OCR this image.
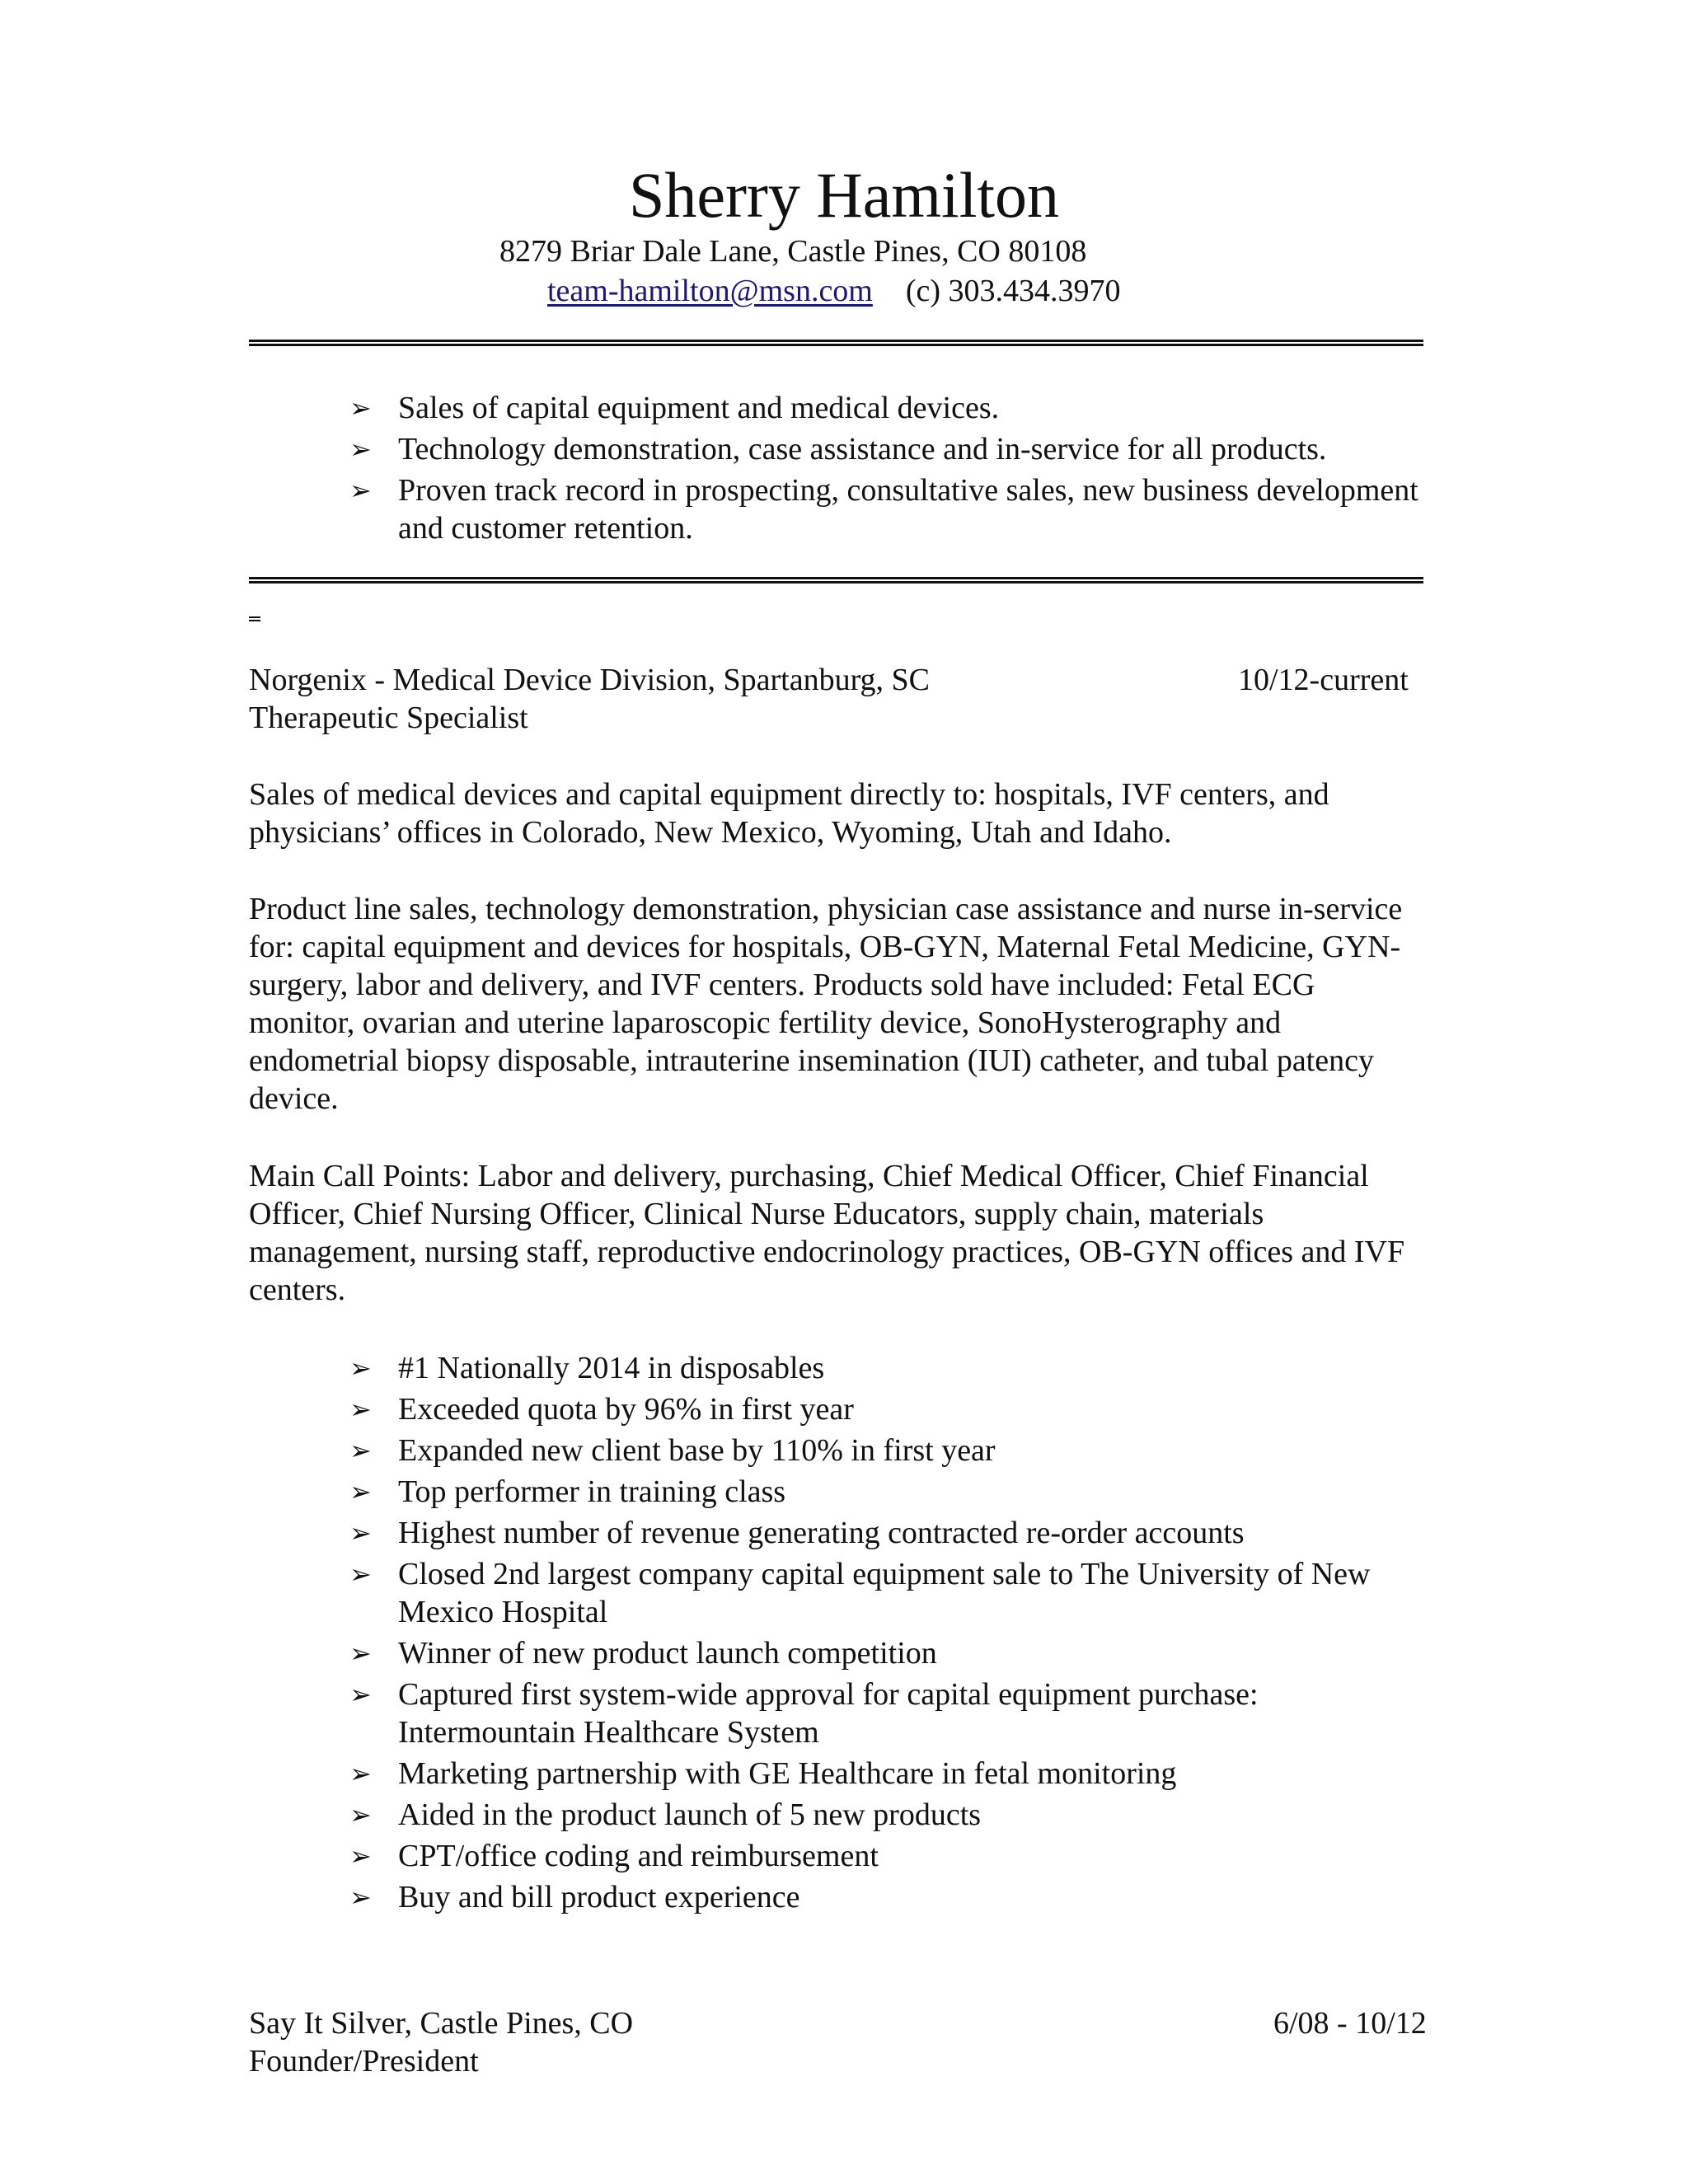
Sherry Hamilton
8279 Briar Dale Lane, Castle Pines, CO 80108
team-hamilton@msn.com (c) 303.434.3970
➢ Sales of capital equipment and medical devices.
➢ Technology demonstration, case assistance and in-service for all products.
➢ Proven track record in prospecting, consultative sales, new business development and customer retention.
Norgenix - Medical Device Division, Spartanburg, SC	10/12-current
Therapeutic Specialist
Sales of medical devices and capital equipment directly to: hospitals, IVF centers, and physicians’ offices in Colorado, New Mexico, Wyoming, Utah and Idaho.
Product line sales, technology demonstration, physician case assistance and nurse in-service for: capital equipment and devices for hospitals, OB-GYN, Maternal Fetal Medicine, GYN-surgery, labor and delivery, and IVF centers. Products sold have included: Fetal ECG monitor, ovarian and uterine laparoscopic fertility device, SonoHysterography and endometrial biopsy disposable, intrauterine insemination (IUI) catheter, and tubal patency device.
Main Call Points: Labor and delivery, purchasing, Chief Medical Officer, Chief Financial Officer, Chief Nursing Officer, Clinical Nurse Educators, supply chain, materials management, nursing staff, reproductive endocrinology practices, OB-GYN offices and IVF centers.
➢ #1 Nationally 2014 in disposables
➢ Exceeded quota by 96% in first year
➢ Expanded new client base by 110% in first year
➢ Top performer in training class
➢ Highest number of revenue generating contracted re-order accounts
➢ Closed 2nd largest company capital equipment sale to The University of New Mexico Hospital
➢ Winner of new product launch competition
➢ Captured first system-wide approval for capital equipment purchase: Intermountain Healthcare System
➢ Marketing partnership with GE Healthcare in fetal monitoring
➢ Aided in the product launch of 5 new products
➢ CPT/office coding and reimbursement
➢ Buy and bill product experience
Say It Silver, Castle Pines, CO	6/08 - 10/12
Founder/President
